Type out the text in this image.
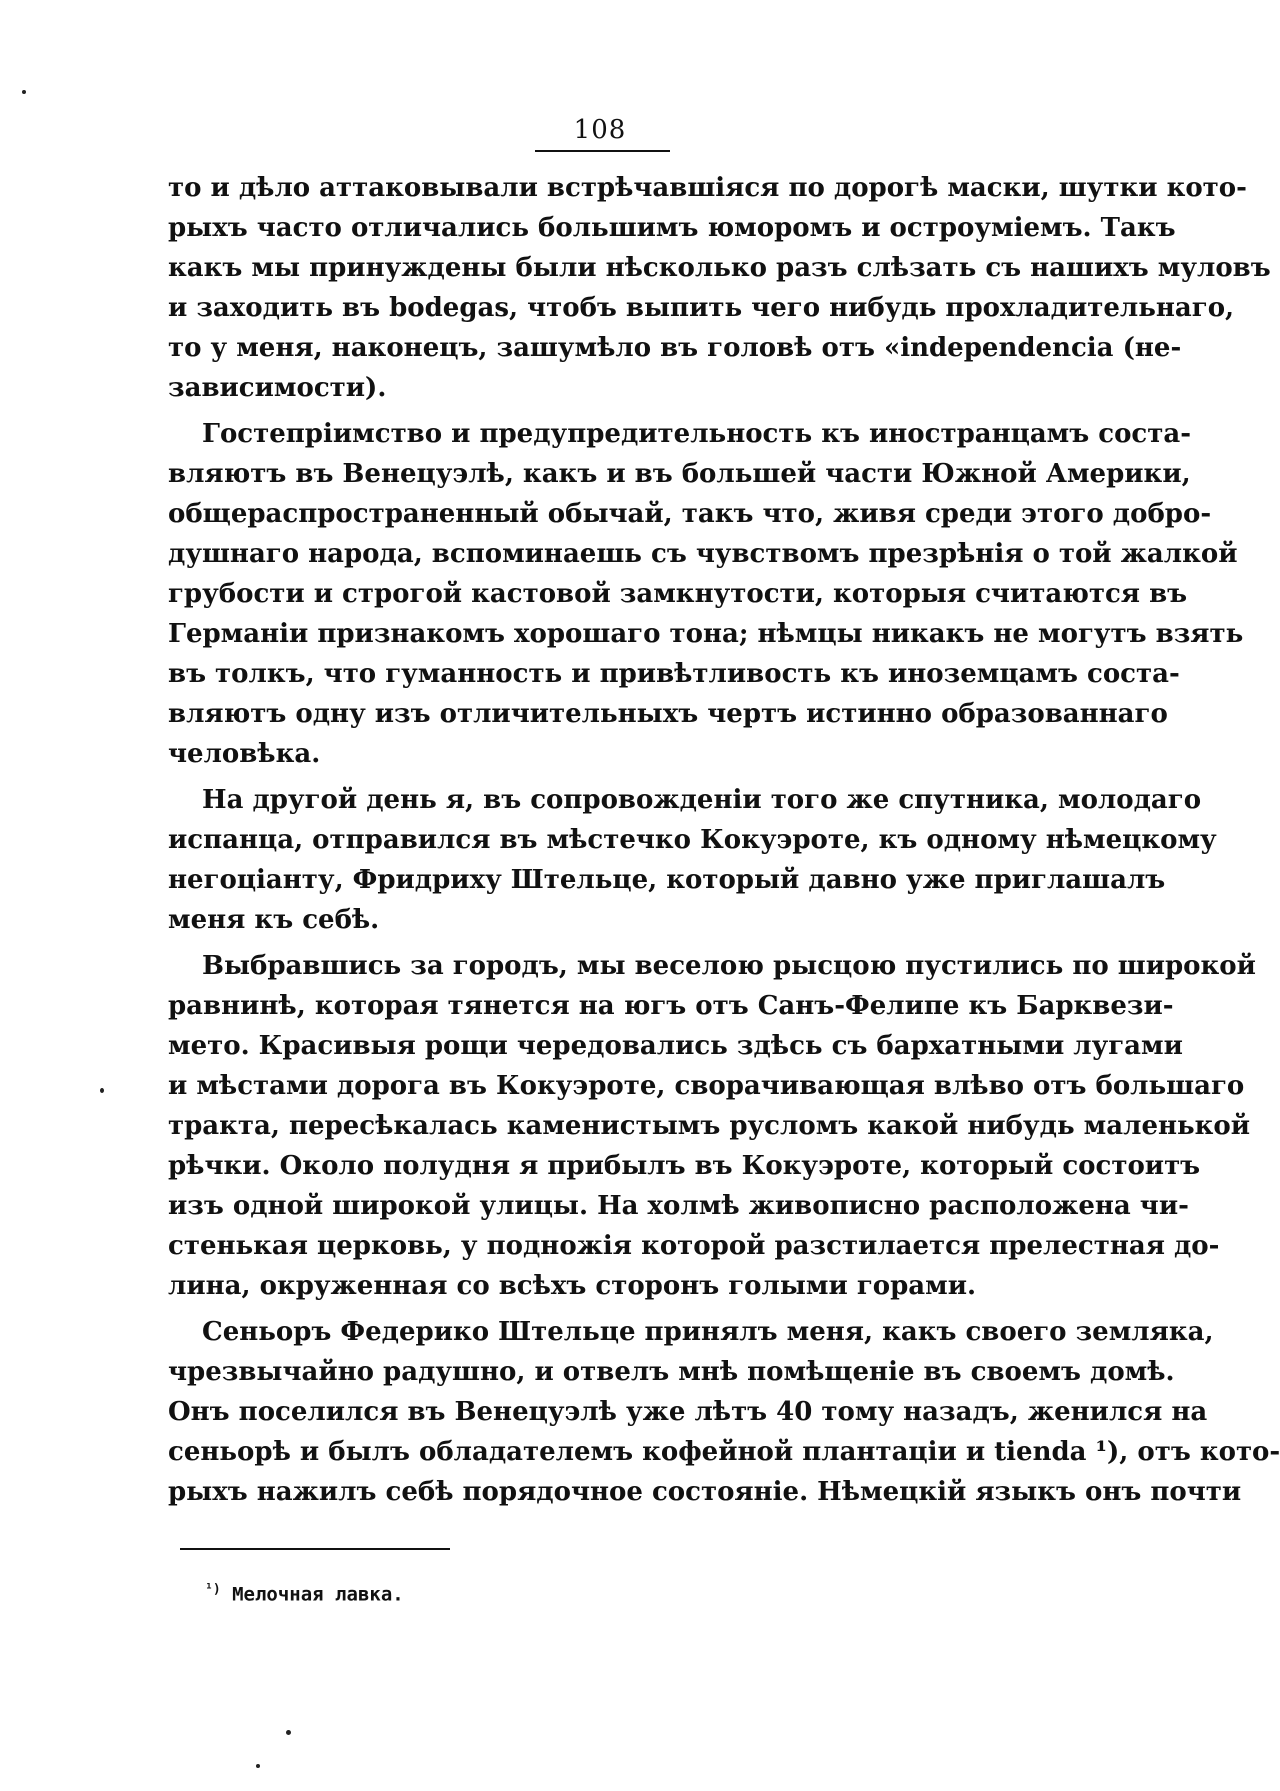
108
то и дѣло аттаковывали встрѣчавшіяся по дорогѣ маски, шутки кото-
рыхъ часто отличались большимъ юморомъ и остроуміемъ. Такъ
какъ мы принуждены были нѣсколько разъ слѣзать съ нашихъ муловъ
и заходить въ bodegas, чтобъ выпить чего нибудь прохладительнаго,
то у меня, наконецъ, зашумѣло въ головѣ отъ «independencia (не-
зависимости).
Гостепріимство и предупредительность къ иностранцамъ соста-
вляютъ въ Венецуэлѣ, какъ и въ большей части Южной Америки,
общераспространенный обычай, такъ что, живя среди этого добро-
душнаго народа, вспоминаешь съ чувствомъ презрѣнія о той жалкой
грубости и строгой кастовой замкнутости, которыя считаются въ
Германіи признакомъ хорошаго тона; нѣмцы никакъ не могутъ взять
въ толкъ, что гуманность и привѣтливость къ иноземцамъ соста-
вляютъ одну изъ отличительныхъ чертъ истинно образованнаго
человѣка.
На другой день я, въ сопровожденіи того же спутника, молодаго
испанца, отправился въ мѣстечко Кокуэроте, къ одному нѣмецкому
негоціанту, Фридриху Штельце, который давно уже приглашалъ
меня къ себѣ.
Выбравшись за городъ, мы веселою рысцою пустились по широкой
равнинѣ, которая тянется на югъ отъ Санъ-Фелипе къ Барквези-
мето. Красивыя рощи чередовались здѣсь съ бархатными лугами
и мѣстами дорога въ Кокуэроте, сворачивающая влѣво отъ большаго
тракта, пересѣкалась каменистымъ русломъ какой нибудь маленькой
рѣчки. Около полудня я прибылъ въ Кокуэроте, который состоитъ
изъ одной широкой улицы. На холмѣ живописно расположена чи-
стенькая церковь, у подножія которой разстилается прелестная до-
лина, окруженная со всѣхъ сторонъ голыми горами.
Сеньоръ Федерико Штельце принялъ меня, какъ своего земляка,
чрезвычайно радушно, и отвелъ мнѣ помѣщеніе въ своемъ домѣ.
Онъ поселился въ Венецуэлѣ уже лѣтъ 40 тому назадъ, женился на
сеньорѣ и былъ обладателемъ кофейной плантаціи и tienda ¹), отъ кото-
рыхъ нажилъ себѣ порядочное состояніе. Нѣмецкій языкъ онъ почти
$^{^1)}$ Мелочная лавка.
